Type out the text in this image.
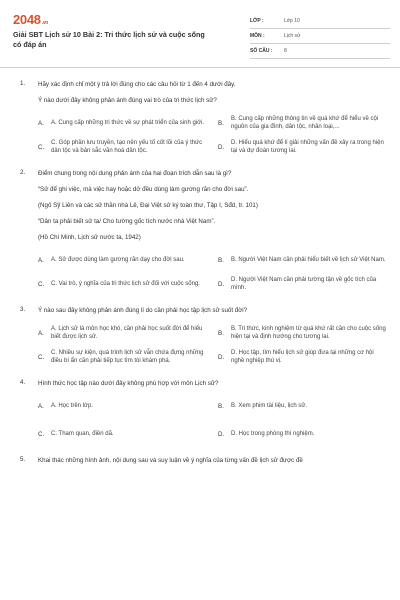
2048.vn
Giải SBT Lịch sử 10 Bài 2: Tri thức lịch sử và cuộc sống có đáp án
LỚP :	Lớp 10
MÔN :	Lịch sử
SỐ CÂU :	8
1. Hãy xác định chỉ một ý trả lời đúng cho các câu hỏi từ 1 đến 4 dưới đây.
Ý nào dưới đây không phản ánh đúng vai trò của tri thức lịch sử?
A.	A. Cung cấp những tri thức về sự phát triển của sinh giới. B.
B. Cung cấp những thông tin về quá khứ để hiểu về cội nguồn của gia đình, dân tộc, nhân loại,...
C.
C. Góp phần lưu truyền, tạo nên yếu tố cốt lõi của ý thức dân tộc và bản sắc văn hoá dân tộc.
D.
D. Hiểu quá khứ để lí giải những vấn đề xảy ra trong hiện tại và dự đoán tương lai.
2. Điểm chung trong nội dung phản ánh của hai đoạn trích dẫn sau là gì?
“Sử để ghi việc, mà việc hay hoặc dở đều dùng làm gương răn cho đời sau”.
(Ngô Sỹ Liên và các sử thần nhà Lê, Đại Việt sử ký toàn thư, Tập I, Sđd, tr. 101)
“Dân ta phải biết sử ta/ Cho tường gốc tích nước nhà Việt Nam”.
(Hồ Chí Minh, Lịch sử nước ta, 1942)
A.	A. Sử được dùng làm gương răn dạy cho đời sau.	B.	B. Người Việt Nam cần phải hiểu biết về lịch sử Việt Nam.
C.	C. Vai trò, ý nghĩa của tri thức lịch sử đối với cuộc sống.	D.
D. Người Việt Nam cần phải tường tận về gốc tích của mình.
3. Ý nào sau đây không phản ánh đúng lí do cần phải học tập lịch sử suốt đời?
A.
A. Lịch sử là môn học khó, cần phải học suốt đời để hiểu biết được lịch sử.
B.
B. Tri thức, kinh nghiệm từ quá khứ rất cần cho cuộc sống hiện tại và định hướng cho tương lai.
C.
C. Nhiều sự kiện, quá trình lịch sử vẫn chứa đựng những điều bí ẩn cần phải tiếp tục tìm tòi khám phá.
D.
D. Học tập, tìm hiểu lịch sử giúp đưa lại những cơ hội nghề nghiệp thú vị.
4. Hình thức học tập nào dưới đây không phù hợp với môn Lịch sử?
A.	A. Học trên lớp.	B.	B. Xem phim tài liệu, lịch sử.
C.	C. Tham quan, điền dã.	D.	D. Học trong phòng thí nghiệm.
5. Khai thác những hình ảnh, nội dung sau và suy luận về ý nghĩa của từng vấn đề lịch sử được đề
